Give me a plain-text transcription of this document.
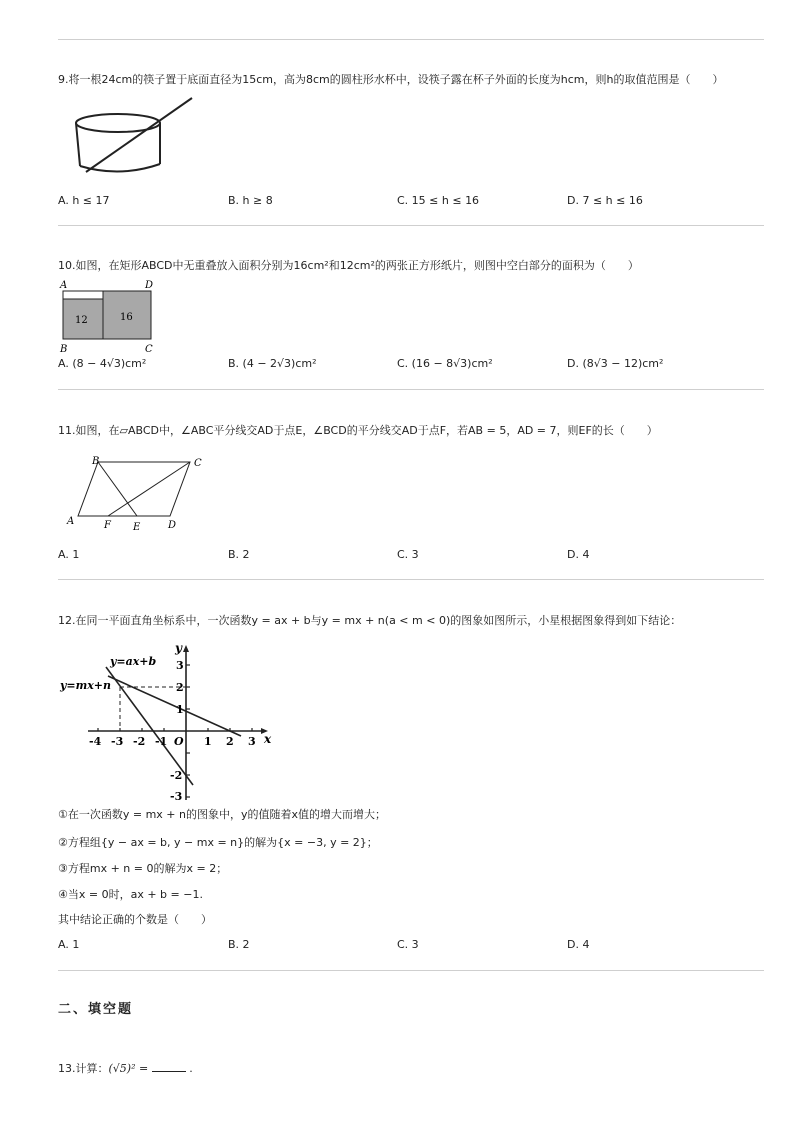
9.将一根24cm的筷子置于底面直径为15cm，高为8cm的圆柱形水杯中，设筷子露在杯子外面的长度为hcm，则h的取值范围是（　　）
A. h ≤ 17	B. h ≥ 8	C. 15 ≤ h ≤ 16	D. 7 ≤ h ≤ 16
10.如图，在矩形ABCD中无重叠放入面积分别为16cm²和12cm²的两张正方形纸片，则图中空白部分的面积为（　　）
A	D
B	C
12	16
A. (8 − 4√3)cm²	B. (4 − 2√3)cm²	C. (16 − 8√3)cm²	D. (8√3 − 12)cm²
11.如图，在▱ABCD中，∠ABC平分线交AD于点E，∠BCD的平分线交AD于点F，若AB = 5，AD = 7，则EF的长（　　）
B	C
A	F E	D
A. 1	B. 2	C. 3	D. 4
12.在同一平面直角坐标系中，一次函数y = ax + b与y = mx + n(a < m < 0)的图象如图所示，小星根据图象得到如下结论：
y=ax+b
y=mx+n
y
x
O
-4 -3 -2 -1	1 2 3
3
2
1
-2
-3
①在一次函数y = mx + n的图象中，y的值随着x值的增大而增大；
②方程组{y − ax = b, y − mx = n}的解为{x = −3, y = 2}；
③方程mx + n = 0的解为x = 2；
④当x = 0时，ax + b = −1.
其中结论正确的个数是（　　）
A. 1	B. 2	C. 3	D. 4
二、填空题
13.计算：(√5)² =	.
